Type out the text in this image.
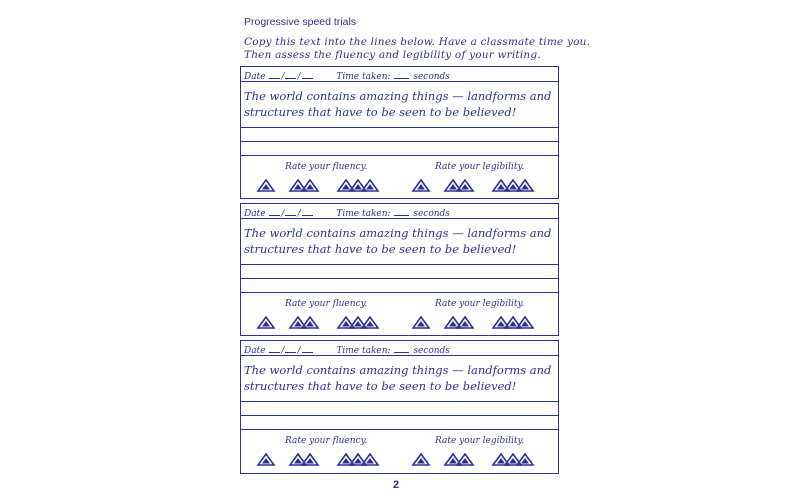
Progressive speed trials
Copy this text into the lines below. Have a classmate time you.
Then assess the fluency and legibility of your writing.
Date / /	Time taken:	seconds
The world contains amazing things — landforms and
structures that have to be seen to be believed!
Rate your fluency.	Rate your legibility.
Date / /	Time taken:	seconds
The world contains amazing things — landforms and
structures that have to be seen to be believed!
Rate your fluency.	Rate your legibility.
Date / /	Time taken:	seconds
The world contains amazing things — landforms and
structures that have to be seen to be believed!
Rate your fluency.	Rate your legibility.
2
